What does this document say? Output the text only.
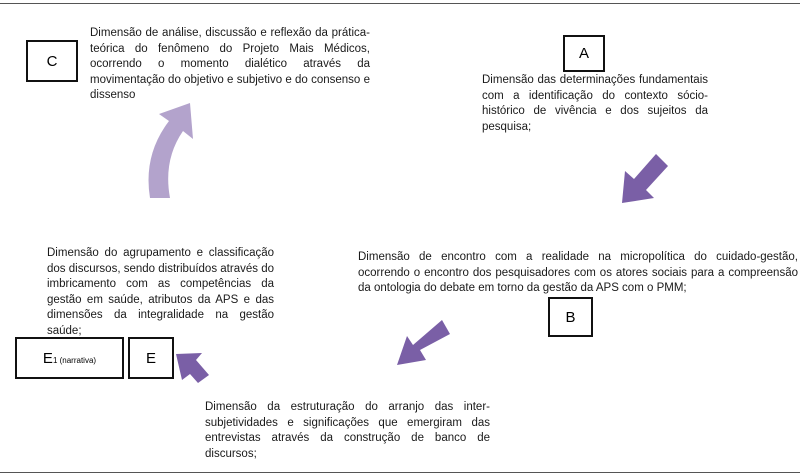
C	A
B
E1 (narrativa)	E
Dimensão de análise, discussão e reflexão da prática-teórica do fenômeno do Projeto Mais Médicos, ocorrendo o momento dialético através da movimentação do objetivo e subjetivo e do consenso e dissenso
Dimensão das determinações fundamentais com a identificação do contexto sócio-histórico de vivência e dos sujeitos da pesquisa;
Dimensão de encontro com a realidade na micropolítica do cuidado-gestão, ocorrendo o encontro dos pesquisadores com os atores sociais para a compreensão da ontologia do debate em torno da gestão da APS com o PMM;
Dimensão do agrupamento e classificação dos discursos, sendo distribuídos através do imbricamento com as competências da gestão em saúde, atributos da APS e das dimensões da integralidade na gestão saúde;
Dimensão da estruturação do arranjo das inter-subjetividades e significações que emergiram das entrevistas através da construção de banco de discursos;
